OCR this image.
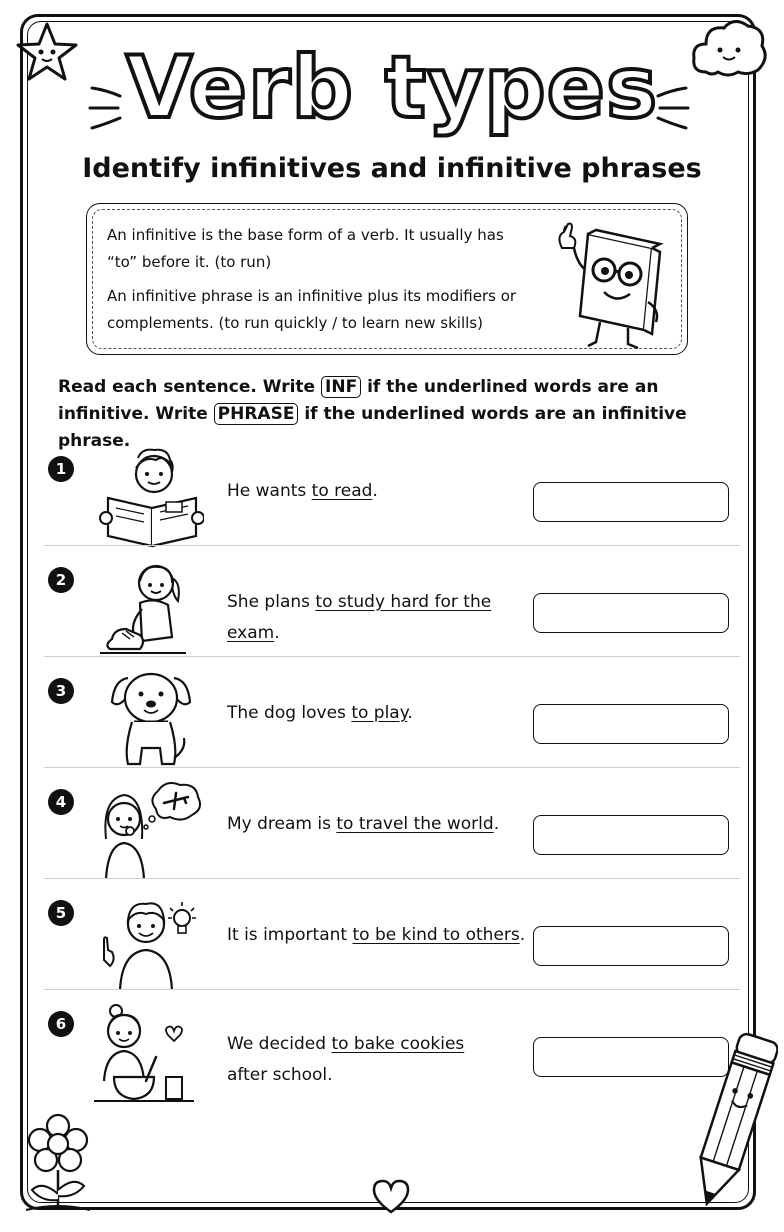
Verb types
Identify infinitives and infinitive phrases
An infinitive is the base form of a verb. It usually has “to” before it. (to run)
An infinitive phrase is an infinitive plus its modifiers or complements. (to run quickly / to learn new skills)
Read each sentence. Write INF if the underlined words are an infinitive. Write PHRASE if the underlined words are an infinitive phrase.
1
He wants to read.
2
She plans to study hard for the exam.
3
The dog loves to play.
4
My dream is to travel the world.
5
It is important to be kind to others.
6
We decided to bake cookies
after school.
